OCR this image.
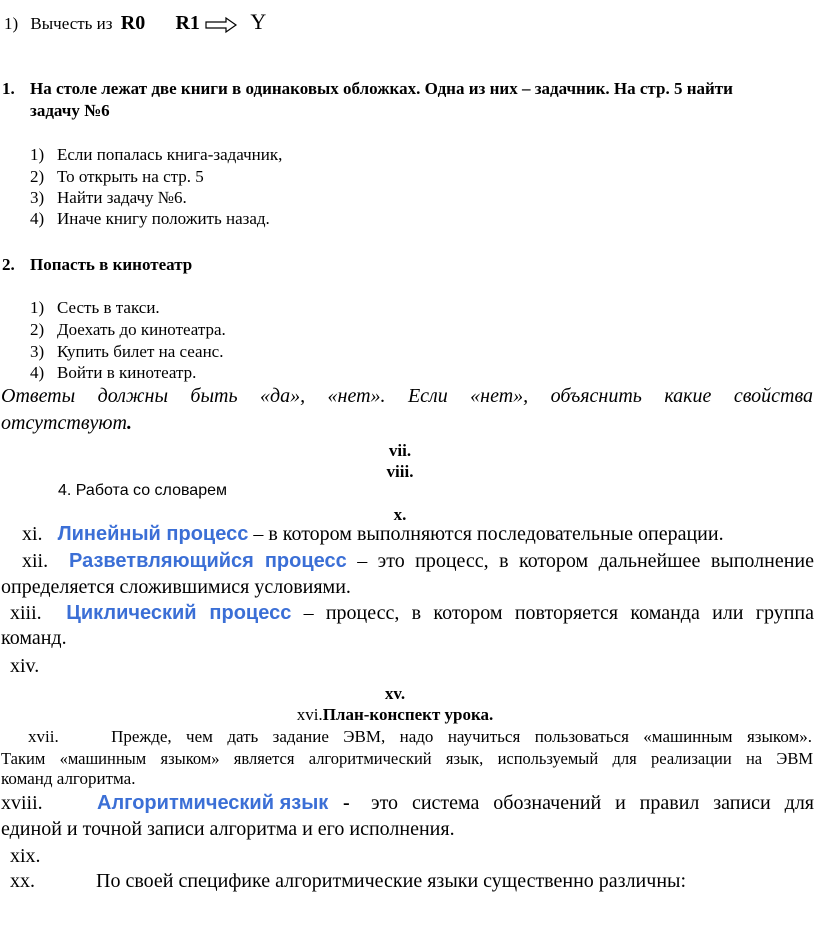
1) Вычесть из R0 R1 Y
1. На столе лежат две книги в одинаковых обложках. Одна из них – задачник. На стр. 5 найти
задачу №6
1) Если попалась книга-задачник,
2) То открыть на стр. 5
3) Найти задачу №6.
4) Иначе книгу положить назад.
2. Попасть в кинотеатр
1) Сесть в такси.
2) Доехать до кинотеатра.
3) Купить билет на сеанс.
4) Войти в кинотеатр.
Ответы должны быть «да», «нет». Если «нет», объяснить какие свойства
отсутствуют.
vii.
viii.
4. Работа со словарем
x.
xi. Линейный процесс – в котором выполняются последовательные операции.
xii. Разветвляющийся процесс – это процесс, в котором дальнейшее выполнение
определяется сложившимися условиями.
xiii. Циклический процесс – процесс, в котором повторяется команда или группа
команд.
xiv.
xv.
xvi.План-конспект урока.
xvii.	Прежде, чем дать задание ЭВМ, надо научиться пользоваться «машинным языком».
Таким «машинным языком» является алгоритмический язык, используемый для реализации на ЭВМ
команд алгоритма.
xviii.	Алгоритмический язык - это система обозначений и правил записи для
единой и точной записи алгоритма и его исполнения.
xix.
xx.	По своей специфике алгоритмические языки существенно различны:
